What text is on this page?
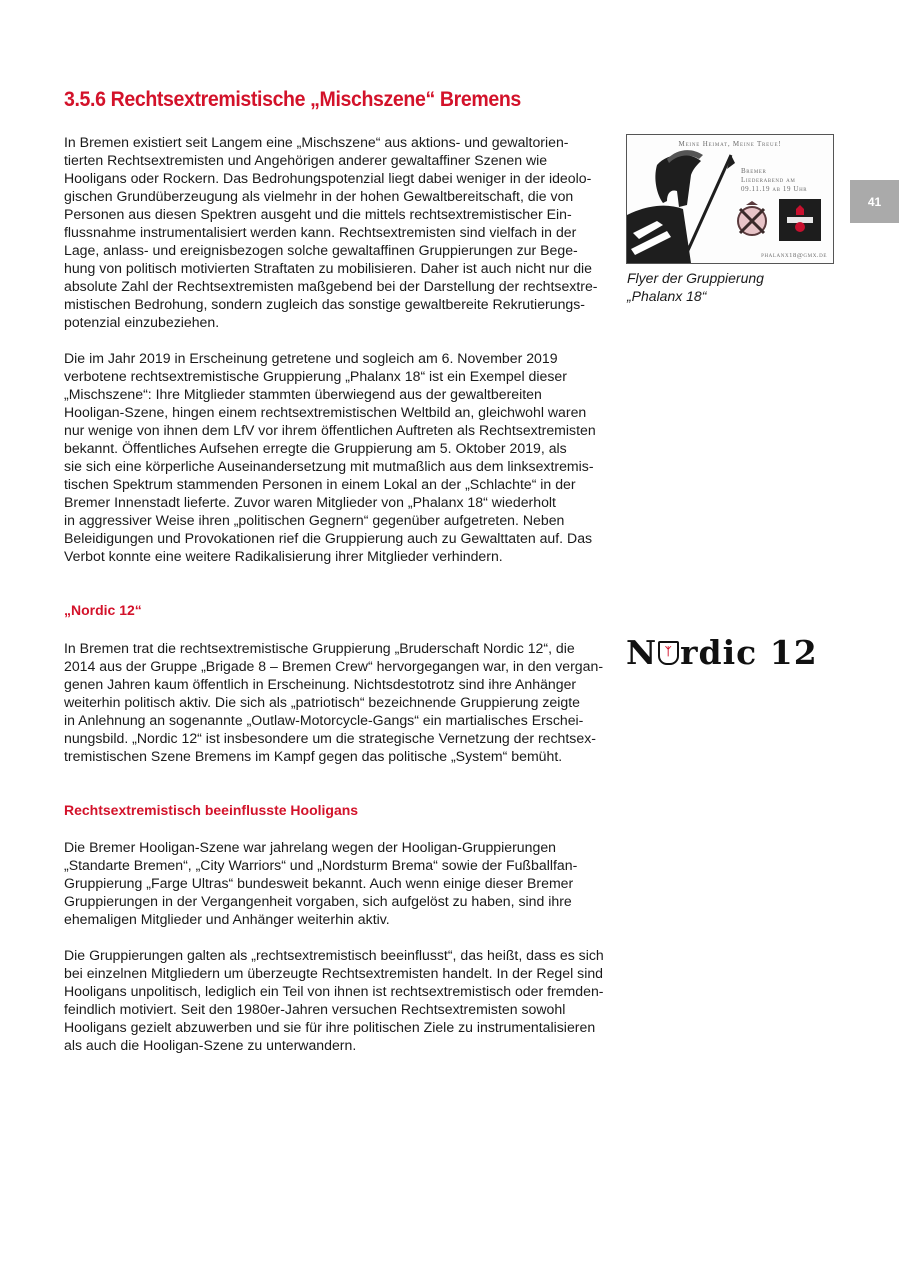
3.5.6 Rechtsextremistische „Mischszene“ Bremens
41

In Bremen existiert seit Langem eine „Mischszene“ aus aktions- und gewaltorien-
tierten Rechtsextremisten und Angehörigen anderer gewaltaffiner Szenen wie
Hooligans oder Rockern. Das Bedrohungspotenzial liegt dabei weniger in der ideolo-
gischen Grundüberzeugung als vielmehr in der hohen Gewaltbereitschaft, die von
Personen aus diesen Spektren ausgeht und die mittels rechtsextremistischer Ein-
flussnahme instrumentalisiert werden kann. Rechtsextremisten sind vielfach in der
Lage, anlass- und ereignisbezogen solche gewaltaffinen Gruppierungen zur Bege-
hung von politisch motivierten Straftaten zu mobilisieren. Daher ist auch nicht nur die
absolute Zahl der Rechtsextremisten maßgebend bei der Darstellung der rechtsextre-
mistischen Bedrohung, sondern zugleich das sonstige gewaltbereite Rekrutierungs-
potenzial einzubeziehen.

Die im Jahr 2019 in Erscheinung getretene und sogleich am 6. November 2019
verbotene rechtsextremistische Gruppierung „Phalanx 18“ ist ein Exempel dieser
„Mischszene“: Ihre Mitglieder stammten überwiegend aus der gewaltbereiten
Hooligan-Szene, hingen einem rechtsextremistischen Weltbild an, gleichwohl waren
nur wenige von ihnen dem LfV vor ihrem öffentlichen Auftreten als Rechtsextremisten
bekannt. Öffentliches Aufsehen erregte die Gruppierung am 5. Oktober 2019, als
sie sich eine körperliche Auseinandersetzung mit mutmaßlich aus dem linksextremis-
tischen Spektrum stammenden Personen in einem Lokal an der „Schlachte“ in der
Bremer Innenstadt lieferte. Zuvor waren Mitglieder von „Phalanx 18“ wiederholt
in aggressiver Weise ihren „politischen Gegnern“ gegenüber aufgetreten. Neben
Beleidigungen und Provokationen rief die Gruppierung auch zu Gewalttaten auf. Das
Verbot konnte eine weitere Radikalisierung ihrer Mitglieder verhindern.

Meine Heimat, Meine Treue!
Bremer
Liederabend am
09.11.19 ab 19 Uhr
phalanx18@gmx.de

Flyer der Gruppierung
„Phalanx 18“

„Nordic 12“

In Bremen trat die rechtsextremistische Gruppierung „Bruderschaft Nordic 12“, die
2014 aus der Gruppe „Brigade 8 – Bremen Crew“ hervorgegangen war, in den vergan-
genen Jahren kaum öffentlich in Erscheinung. Nichtsdestotrotz sind ihre Anhänger
weiterhin politisch aktiv. Die sich als „patriotisch“ bezeichnende Gruppierung zeigte
in Anlehnung an sogenannte „Outlaw-Motorcycle-Gangs“ ein martialisches Erschei-
nungsbild. „Nordic 12“ ist insbesondere um die strategische Vernetzung der rechtsex-
tremistischen Szene Bremens im Kampf gegen das politische „System“ bemüht.

N ᛉ rdic 12
Rechtsextremistisch beeinflusste Hooligans

Die Bremer Hooligan-Szene war jahrelang wegen der Hooligan-Gruppierungen
„Standarte Bremen“, „City Warriors“ und „Nordsturm Brema“ sowie der Fußballfan-
Gruppierung „Farge Ultras“ bundesweit bekannt. Auch wenn einige dieser Bremer
Gruppierungen in der Vergangenheit vorgaben, sich aufgelöst zu haben, sind ihre
ehemaligen Mitglieder und Anhänger weiterhin aktiv.

Die Gruppierungen galten als „rechtsextremistisch beeinflusst“, das heißt, dass es sich
bei einzelnen Mitgliedern um überzeugte Rechtsextremisten handelt. In der Regel sind
Hooligans unpolitisch, lediglich ein Teil von ihnen ist rechtsextremistisch oder fremden-
feindlich motiviert. Seit den 1980er-Jahren versuchen Rechtsextremisten sowohl
Hooligans gezielt abzuwerben und sie für ihre politischen Ziele zu instrumentalisieren
als auch die Hooligan-Szene zu unterwandern.
